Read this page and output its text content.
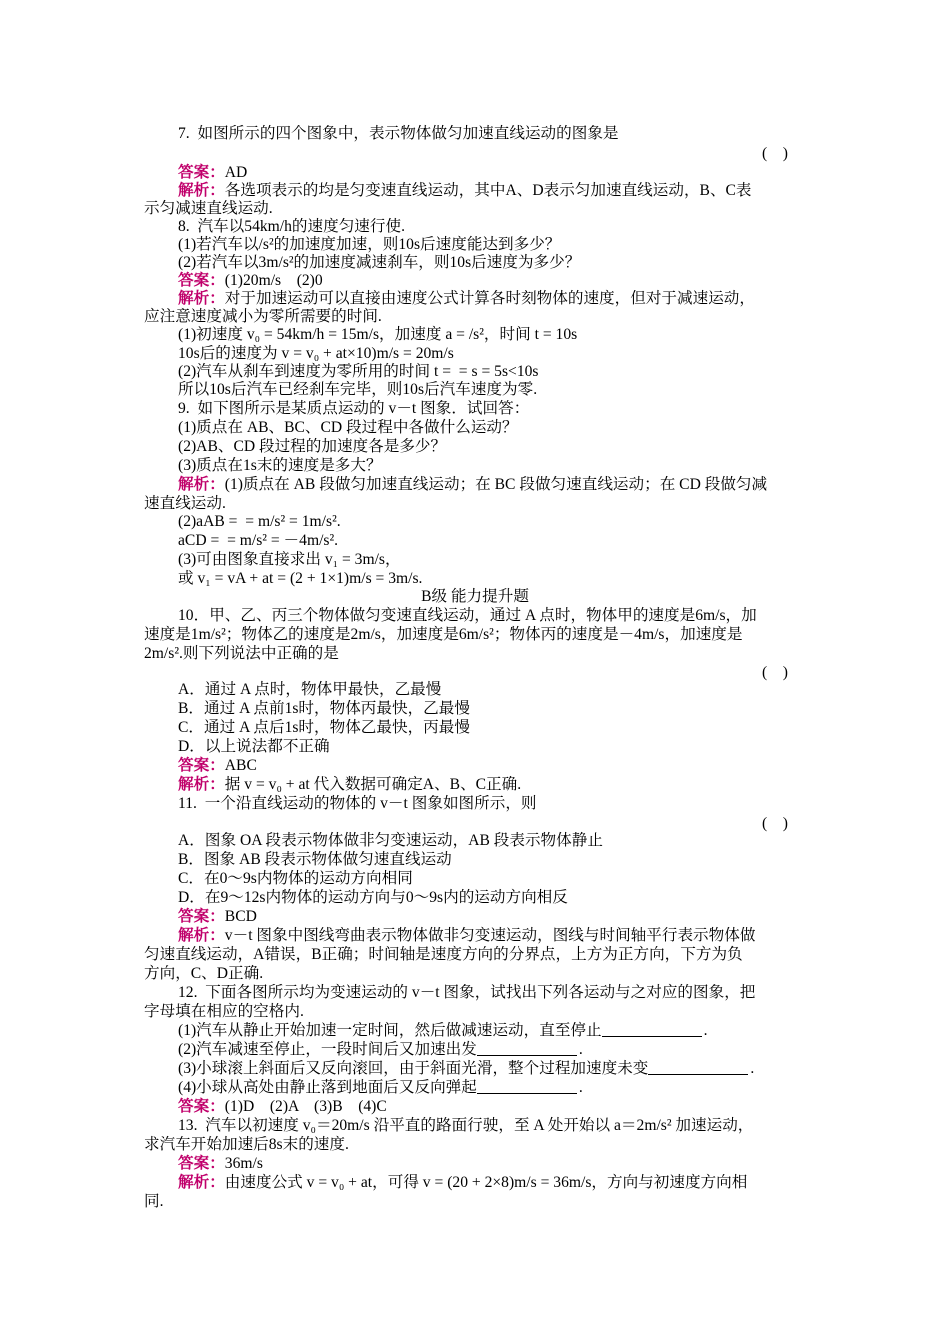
B级 能力提升题
7.  如图所示的四个图象中，表示物体做匀加速直线运动的图象是
(    )
答案：AD
解析：各选项表示的均是匀变速直线运动，其中A、D表示匀加速直线运动，B、C表
示匀减速直线运动.
8.  汽车以54km/h的速度匀速行使.
(1)若汽车以/s²的加速度加速，则10s后速度能达到多少？
(2)若汽车以3m/s²的加速度减速刹车，则10s后速度为多少？
答案：(1)20m/s    (2)0
解析：对于加速运动可以直接由速度公式计算各时刻物体的速度，但对于减速运动，
应注意速度减小为零所需要的时间.
(1)初速度 v₀ = 54km/h = 15m/s，加速度 a = /s²，时间 t = 10s
10s后的速度为 v = v₀ + at×10)m/s = 20m/s
(2)汽车从刹车到速度为零所用的时间 t =  = s = 5s<10s
所以10s后汽车已经刹车完毕，则10s后汽车速度为零.
9.  如下图所示是某质点运动的 v－t 图象．试回答：
(1)质点在 AB、BC、CD 段过程中各做什么运动？
(2)AB、CD 段过程的加速度各是多少？
(3)质点在1s末的速度是多大？
解析：(1)质点在 AB 段做匀加速直线运动；在 BC 段做匀速直线运动；在 CD 段做匀减
速直线运动.
(2)aAB =  = m/s² = 1m/s².
aCD =  = m/s² = －4m/s².
(3)可由图象直接求出 v₁ = 3m/s，
或 v₁ = vA + at = (2 + 1×1)m/s = 3m/s.
10．甲、乙、丙三个物体做匀变速直线运动，通过 A 点时，物体甲的速度是6m/s，加
速度是1m/s²；物体乙的速度是2m/s，加速度是6m/s²；物体丙的速度是－4m/s，加速度是
2m/s².则下列说法中正确的是
(    )
A．通过 A 点时，物体甲最快，乙最慢
B．通过 A 点前1s时，物体丙最快，乙最慢
C．通过 A 点后1s时，物体乙最快，丙最慢
D．以上说法都不正确
答案：ABC
解析：据 v = v₀ + at 代入数据可确定A、B、C正确.
11.  一个沿直线运动的物体的 v－t 图象如图所示，则
(    )
A．图象 OA 段表示物体做非匀变速运动，AB 段表示物体静止
B．图象 AB 段表示物体做匀速直线运动
C．在0～9s内物体的运动方向相同
D．在9～12s内物体的运动方向与0～9s内的运动方向相反
答案：BCD
解析：v－t 图象中图线弯曲表示物体做非匀变速运动，图线与时间轴平行表示物体做
匀速直线运动，A错误，B正确；时间轴是速度方向的分界点，上方为正方向，下方为负
方向，C、D正确.
12.  下面各图所示均为变速运动的 v－t 图象，试找出下列各运动与之对应的图象，把
字母填在相应的空格内.
(1)汽车从静止开始加速一定时间，然后做减速运动，直至停止	.
(2)汽车减速至停止，一段时间后又加速出发	.
(3)小球滚上斜面后又反向滚回，由于斜面光滑，整个过程加速度未变	.
(4)小球从高处由静止落到地面后又反向弹起	.
答案：(1)D    (2)A    (3)B    (4)C
13.  汽车以初速度 v₀＝20m/s 沿平直的路面行驶，至 A 处开始以 a＝2m/s² 加速运动，
求汽车开始加速后8s末的速度.
答案：36m/s
解析：由速度公式 v = v₀ + at，可得 v = (20 + 2×8)m/s = 36m/s，方向与初速度方向相
同.
